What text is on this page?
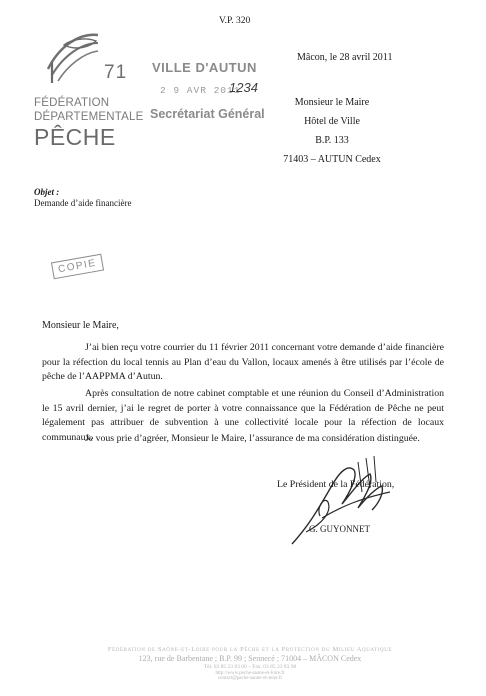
71
FÉDÉRATION
DÉPARTEMENTALE
PÊCHE
V.P. 320
VILLE D'AUTUN
2 9 AVR 2011
1234
Secrétariat Général
Mâcon, le 28 avril 2011
Monsieur le Maire
Hôtel de Ville
B.P. 133
71403 – AUTUN Cedex
Objet :
Demande d’aide financière
COPIE
Monsieur le Maire,
J’ai bien reçu votre courrier du 11 février 2011 concernant votre demande d’aide financière pour la réfection du local tennis au Plan d’eau du Vallon, locaux amenés à être utilisés par l’école de pêche de l’AAPPMA d’Autun.
Après consultation de notre cabinet comptable et une réunion du Conseil d’Administration le 15 avril dernier, j’ai le regret de porter à votre connaissance que la Fédération de Pêche ne peut légalement pas attribuer de subvention à une collectivité locale pour la réfection de locaux communaux.
Je vous prie d’agréer, Monsieur le Maire, l’assurance de ma considération distinguée.
Le Président de la Fédération,
G. GUYONNET
Fédération de Saône-et-Loire pour la Pêche et la Protection du Milieu Aquatique
123, rue de Barbentane ; B.P. 99 ; Sennecé ; 71004 – MÂCON Cedex
Tél. 03 85 23 83 00 – Fax. 03 85 23 83 98
http://www.peche-saone-et-loire.fr
contact@peche-saone-et-loire.fr
